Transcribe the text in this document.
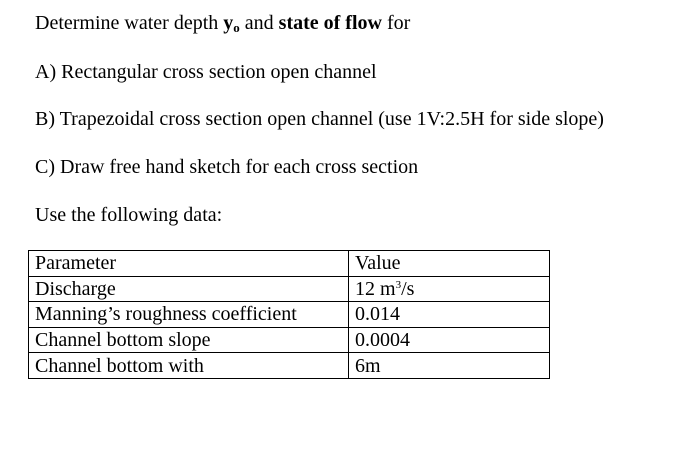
Determine water depth $y_o$ and state of flow for
A) Rectangular cross section open channel
B) Trapezoidal cross section open channel (use 1V:2.5H for side slope)
C) Draw free hand sketch for each cross section
Use the following data:
Parameter	Value
Discharge	12 $m^3/s$
Manning’s roughness coefficient	0.014
Channel bottom slope	0.0004
Channel bottom with	6m
